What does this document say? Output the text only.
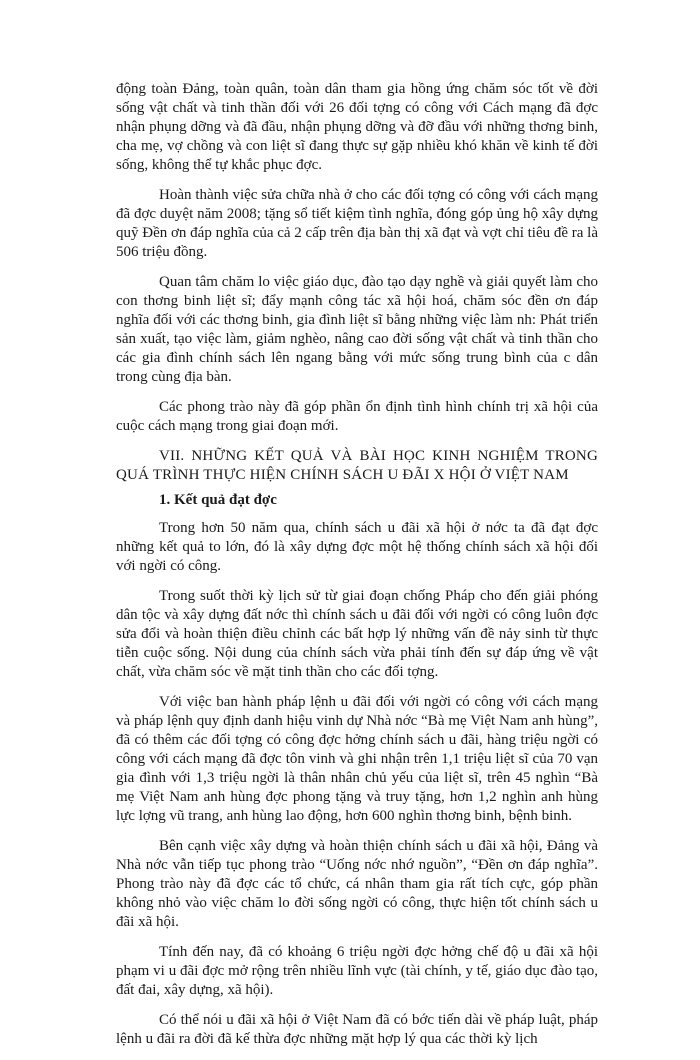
động toàn Đảng, toàn quân, toàn dân tham gia hồng ứng chăm sóc tốt về đời sống vật chất và tinh thần đối với 26 đối tợng có công với Cách mạng đã đợc nhận phụng dỡng và đã đầu, nhận phụng dỡng và đỡ đầu với những thơng binh, cha mẹ, vợ chồng và con liệt sĩ đang thực sự gặp nhiều khó khăn về kinh tế đời sống, không thể tự khắc phục đợc.

Hoàn thành việc sửa chữa nhà ở cho các đối tợng có công với cách mạng đã đợc duyệt năm 2008; tặng sổ tiết kiệm tình nghĩa, đóng góp ủng hộ xây dựng quỹ Đền ơn đáp nghĩa của cả 2 cấp trên địa bàn thị xã đạt và vợt chỉ tiêu đề ra là 506 triệu đồng.

Quan tâm chăm lo việc giáo dục, đào tạo dạy nghề và giải quyết làm cho con thơng binh liệt sĩ; đẩy mạnh công tác xã hội hoá, chăm sóc đền ơn đáp nghĩa đối với các thơng binh, gia đình liệt sĩ bằng những việc làm nh: Phát triển sản xuất, tạo việc làm, giảm nghèo, nâng cao đời sống vật chất và tinh thần cho các gia đình chính sách lên ngang bằng với mức sống trung bình của c dân trong cùng địa bàn.

Các phong trào này đã góp phần ổn định tình hình chính trị xã hội của cuộc cách mạng trong giai đoạn mới.

VII. NHỮNG KẾT QUẢ VÀ BÀI HỌC KINH NGHIỆM TRONG QUÁ TRÌNH THỰC HIỆN CHÍNH SÁCH U ĐÃI X HỘI Ở VIỆT NAM

1. Kết quả đạt đợc

Trong hơn 50 năm qua, chính sách u đãi xã hội ở nớc ta đã đạt đợc những kết quả to lớn, đó là xây dựng đợc một hệ thống chính sách xã hội đối với ngời có công.

Trong suốt thời kỳ lịch sử từ giai đoạn chống Pháp cho đến giải phóng dân tộc và xây dựng đất nớc thì chính sách u đãi đối với ngời có công luôn đợc sửa đổi và hoàn thiện điều chỉnh các bất hợp lý những vấn đề nảy sinh từ thực tiễn cuộc sống. Nội dung của chính sách vừa phải tính đến sự đáp ứng về vật chất, vừa chăm sóc về mặt tinh thần cho các đối tợng.

Với việc ban hành pháp lệnh u đãi đối với ngời có công với cách mạng và pháp lệnh quy định danh hiệu vinh dự Nhà nớc “Bà mẹ Việt Nam anh hùng”, đã có thêm các đối tợng có công đợc hởng chính sách u đãi, hàng triệu ngời có công với cách mạng đã đợc tôn vinh và ghi nhận trên 1,1 triệu liệt sĩ của 70 vạn gia đình với 1,3 triệu ngời là thân nhân chủ yếu của liệt sĩ, trên 45 nghìn “Bà mẹ Việt Nam anh hùng đợc phong tặng và truy tặng, hơn 1,2 nghìn anh hùng lực lợng vũ trang, anh hùng lao động, hơn 600 nghìn thơng binh, bệnh binh.

Bên cạnh việc xây dựng và hoàn thiện chính sách u đãi xã hội, Đảng và Nhà nớc vẫn tiếp tục phong trào “Uống nớc nhớ nguồn”, “Đền ơn đáp nghĩa”. Phong trào này đã đợc các tổ chức, cá nhân tham gia rất tích cực, góp phần không nhỏ vào việc chăm lo đời sống ngời có công, thực hiện tốt chính sách u đãi xã hội.

Tính đến nay, đã có khoảng 6 triệu ngời đợc hởng chế độ u đãi xã hội phạm vi u đãi đợc mở rộng trên nhiều lĩnh vực (tài chính, y tế, giáo dục đào tạo, đất đai, xây dựng, xã hội).

Có thể nói u đãi xã hội ở Việt Nam đã có bớc tiến dài về pháp luật, pháp lệnh u đãi ra đời đã kế thừa đợc những mặt hợp lý qua các thời kỳ lịch
